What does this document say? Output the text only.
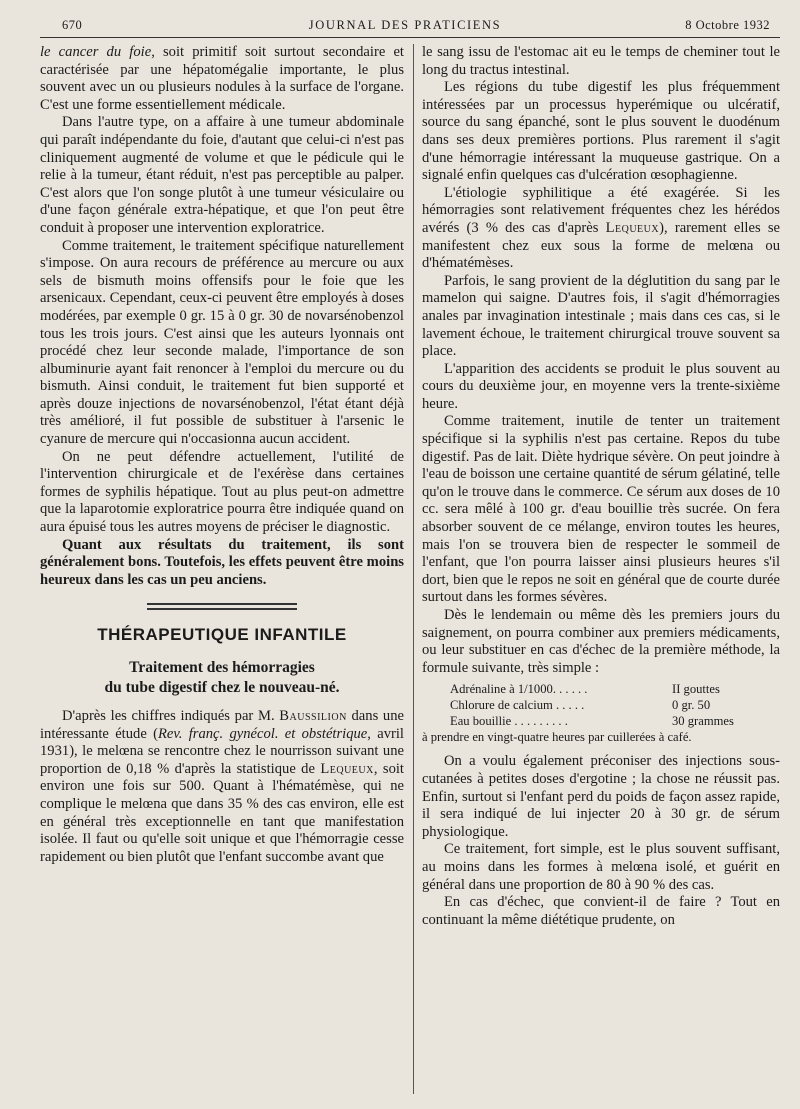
670	JOURNAL DES PRATICIENS	8 Octobre 1932

le cancer du foie, soit primitif soit surtout secondaire et caractérisée par une hépatomégalie importante, le plus souvent avec un ou plusieurs nodules à la surface de l'organe. C'est une forme essentiellement médicale.

Dans l'autre type, on a affaire à une tumeur abdominale qui paraît indépendante du foie, d'autant que celui-ci n'est pas cliniquement augmenté de volume et que le pédicule qui le relie à la tumeur, étant réduit, n'est pas perceptible au palper. C'est alors que l'on songe plutôt à une tumeur vésiculaire ou d'une façon générale extra-hépatique, et que l'on peut être conduit à proposer une intervention exploratrice.

Comme traitement, le traitement spécifique naturellement s'impose. On aura recours de préférence au mercure ou aux sels de bismuth moins offensifs pour le foie que les arsenicaux. Cependant, ceux-ci peuvent être employés à doses modérées, par exemple 0 gr. 15 à 0 gr. 30 de novarsénobenzol tous les trois jours. C'est ainsi que les auteurs lyonnais ont procédé chez leur seconde malade, l'importance de son albuminurie ayant fait renoncer à l'emploi du mercure ou du bismuth. Ainsi conduit, le traitement fut bien supporté et après douze injections de novarsénobenzol, l'état étant déjà très amélioré, il fut possible de substituer à l'arsenic le cyanure de mercure qui n'occasionna aucun accident.

On ne peut défendre actuellement, l'utilité de l'intervention chirurgicale et de l'exérèse dans certaines formes de syphilis hépatique. Tout au plus peut-on admettre que la laparotomie exploratrice pourra être indiquée quand on aura épuisé tous les autres moyens de préciser le diagnostic.

Quant aux résultats du traitement, ils sont généralement bons. Toutefois, les effets peuvent être moins heureux dans les cas un peu anciens.

THÉRAPEUTIQUE INFANTILE
Traitement des hémorragies
du tube digestif chez le nouveau-né.

D'après les chiffres indiqués par M. Baussilion dans une intéressante étude (Rev. franç. gynécol. et obstétrique, avril 1931), le melœna se rencontre chez le nourrisson suivant une proportion de 0,18 % d'après la statistique de Lequeux, soit environ une fois sur 500. Quant à l'hématémèse, qui ne complique le melœna que dans 35 % des cas environ, elle est en général très exceptionnelle en tant que manifestation isolée. Il faut ou qu'elle soit unique et que l'hémorragie cesse rapidement ou bien plutôt que l'enfant succombe avant que

le sang issu de l'estomac ait eu le temps de cheminer tout le long du tractus intestinal.

Les régions du tube digestif les plus fréquemment intéressées par un processus hyperémique ou ulcératif, source du sang épanché, sont le plus souvent le duodénum dans ses deux premières portions. Plus rarement il s'agit d'une hémorragie intéressant la muqueuse gastrique. On a signalé enfin quelques cas d'ulcération œsophagienne.

L'étiologie syphilitique a été exagérée. Si les hémorragies sont relativement fréquentes chez les hérédos avérés (3 % des cas d'après Lequeux), rarement elles se manifestent chez eux sous la forme de melœna ou d'hématémèses.

Parfois, le sang provient de la déglutition du sang par le mamelon qui saigne. D'autres fois, il s'agit d'hémorragies anales par invagination intestinale ; mais dans ces cas, si le lavement échoue, le traitement chirurgical trouve souvent sa place.

L'apparition des accidents se produit le plus souvent au cours du deuxième jour, en moyenne vers la trente-sixième heure.

Comme traitement, inutile de tenter un traitement spécifique si la syphilis n'est pas certaine. Repos du tube digestif. Pas de lait. Diète hydrique sévère. On peut joindre à l'eau de boisson une certaine quantité de sérum gélatiné, telle qu'on le trouve dans le commerce. Ce sérum aux doses de 10 cc. sera mêlé à 100 gr. d'eau bouillie très sucrée. On fera absorber souvent de ce mélange, environ toutes les heures, mais l'on se trouvera bien de respecter le sommeil de l'enfant, que l'on pourra laisser ainsi plusieurs heures s'il dort, bien que le repos ne soit en général que de courte durée surtout dans les formes sévères.

Dès le lendemain ou même dès les premiers jours du saignement, on pourra combiner aux premiers médicaments, ou leur substituer en cas d'échec de la première méthode, la formule suivante, très simple :

Adrénaline à 1/1000. . . . . .	II gouttes
Chlorure de calcium . . . . .	0 gr. 50
Eau bouillie . . . . . . . . .	30 grammes
à prendre en vingt-quatre heures par cuillerées à café.

On a voulu également préconiser des injections sous-cutanées à petites doses d'ergotine ; la chose ne réussit pas. Enfin, surtout si l'enfant perd du poids de façon assez rapide, il sera indiqué de lui injecter 20 à 30 gr. de sérum physiologique.

Ce traitement, fort simple, est le plus souvent suffisant, au moins dans les formes à melœna isolé, et guérit en général dans une proportion de 80 à 90 % des cas.

En cas d'échec, que convient-il de faire ? Tout en continuant la même diététique prudente, on
